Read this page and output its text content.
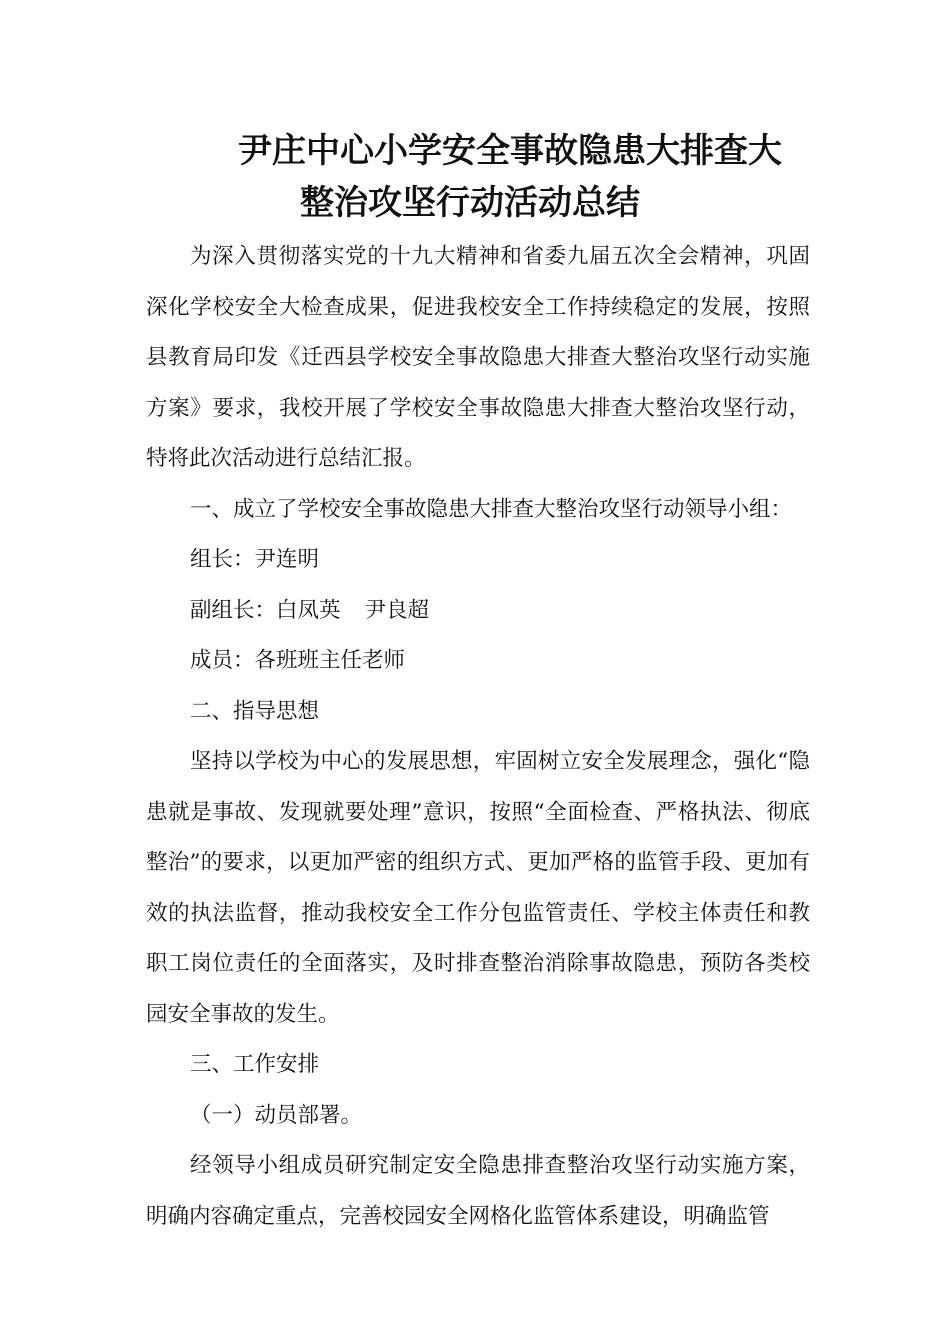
尹庄中心小学安全事故隐患大排查大
整治攻坚行动活动总结

为深入贯彻落实党的十九大精神和省委九届五次全会精神，巩固深化学校安全大检查成果，促进我校安全工作持续稳定的发展，按照县教育局印发《迁西县学校安全事故隐患大排查大整治攻坚行动实施方案》要求，我校开展了学校安全事故隐患大排查大整治攻坚行动，特将此次活动进行总结汇报。

一、成立了学校安全事故隐患大排查大整治攻坚行动领导小组：

组长：尹连明

副组长：白凤英 尹良超

成员：各班班主任老师

二、指导思想

坚持以学校为中心的发展思想，牢固树立安全发展理念，强化“隐患就是事故、发现就要处理”意识，按照“全面检查、严格执法、彻底整治”的要求，以更加严密的组织方式、更加严格的监管手段、更加有效的执法监督，推动我校安全工作分包监管责任、学校主体责任和教职工岗位责任的全面落实，及时排查整治消除事故隐患，预防各类校园安全事故的发生。

三、工作安排

（一）动员部署。

经领导小组成员研究制定安全隐患排查整治攻坚行动实施方案，明确内容确定重点，完善校园安全网格化监管体系建设，明确监管
